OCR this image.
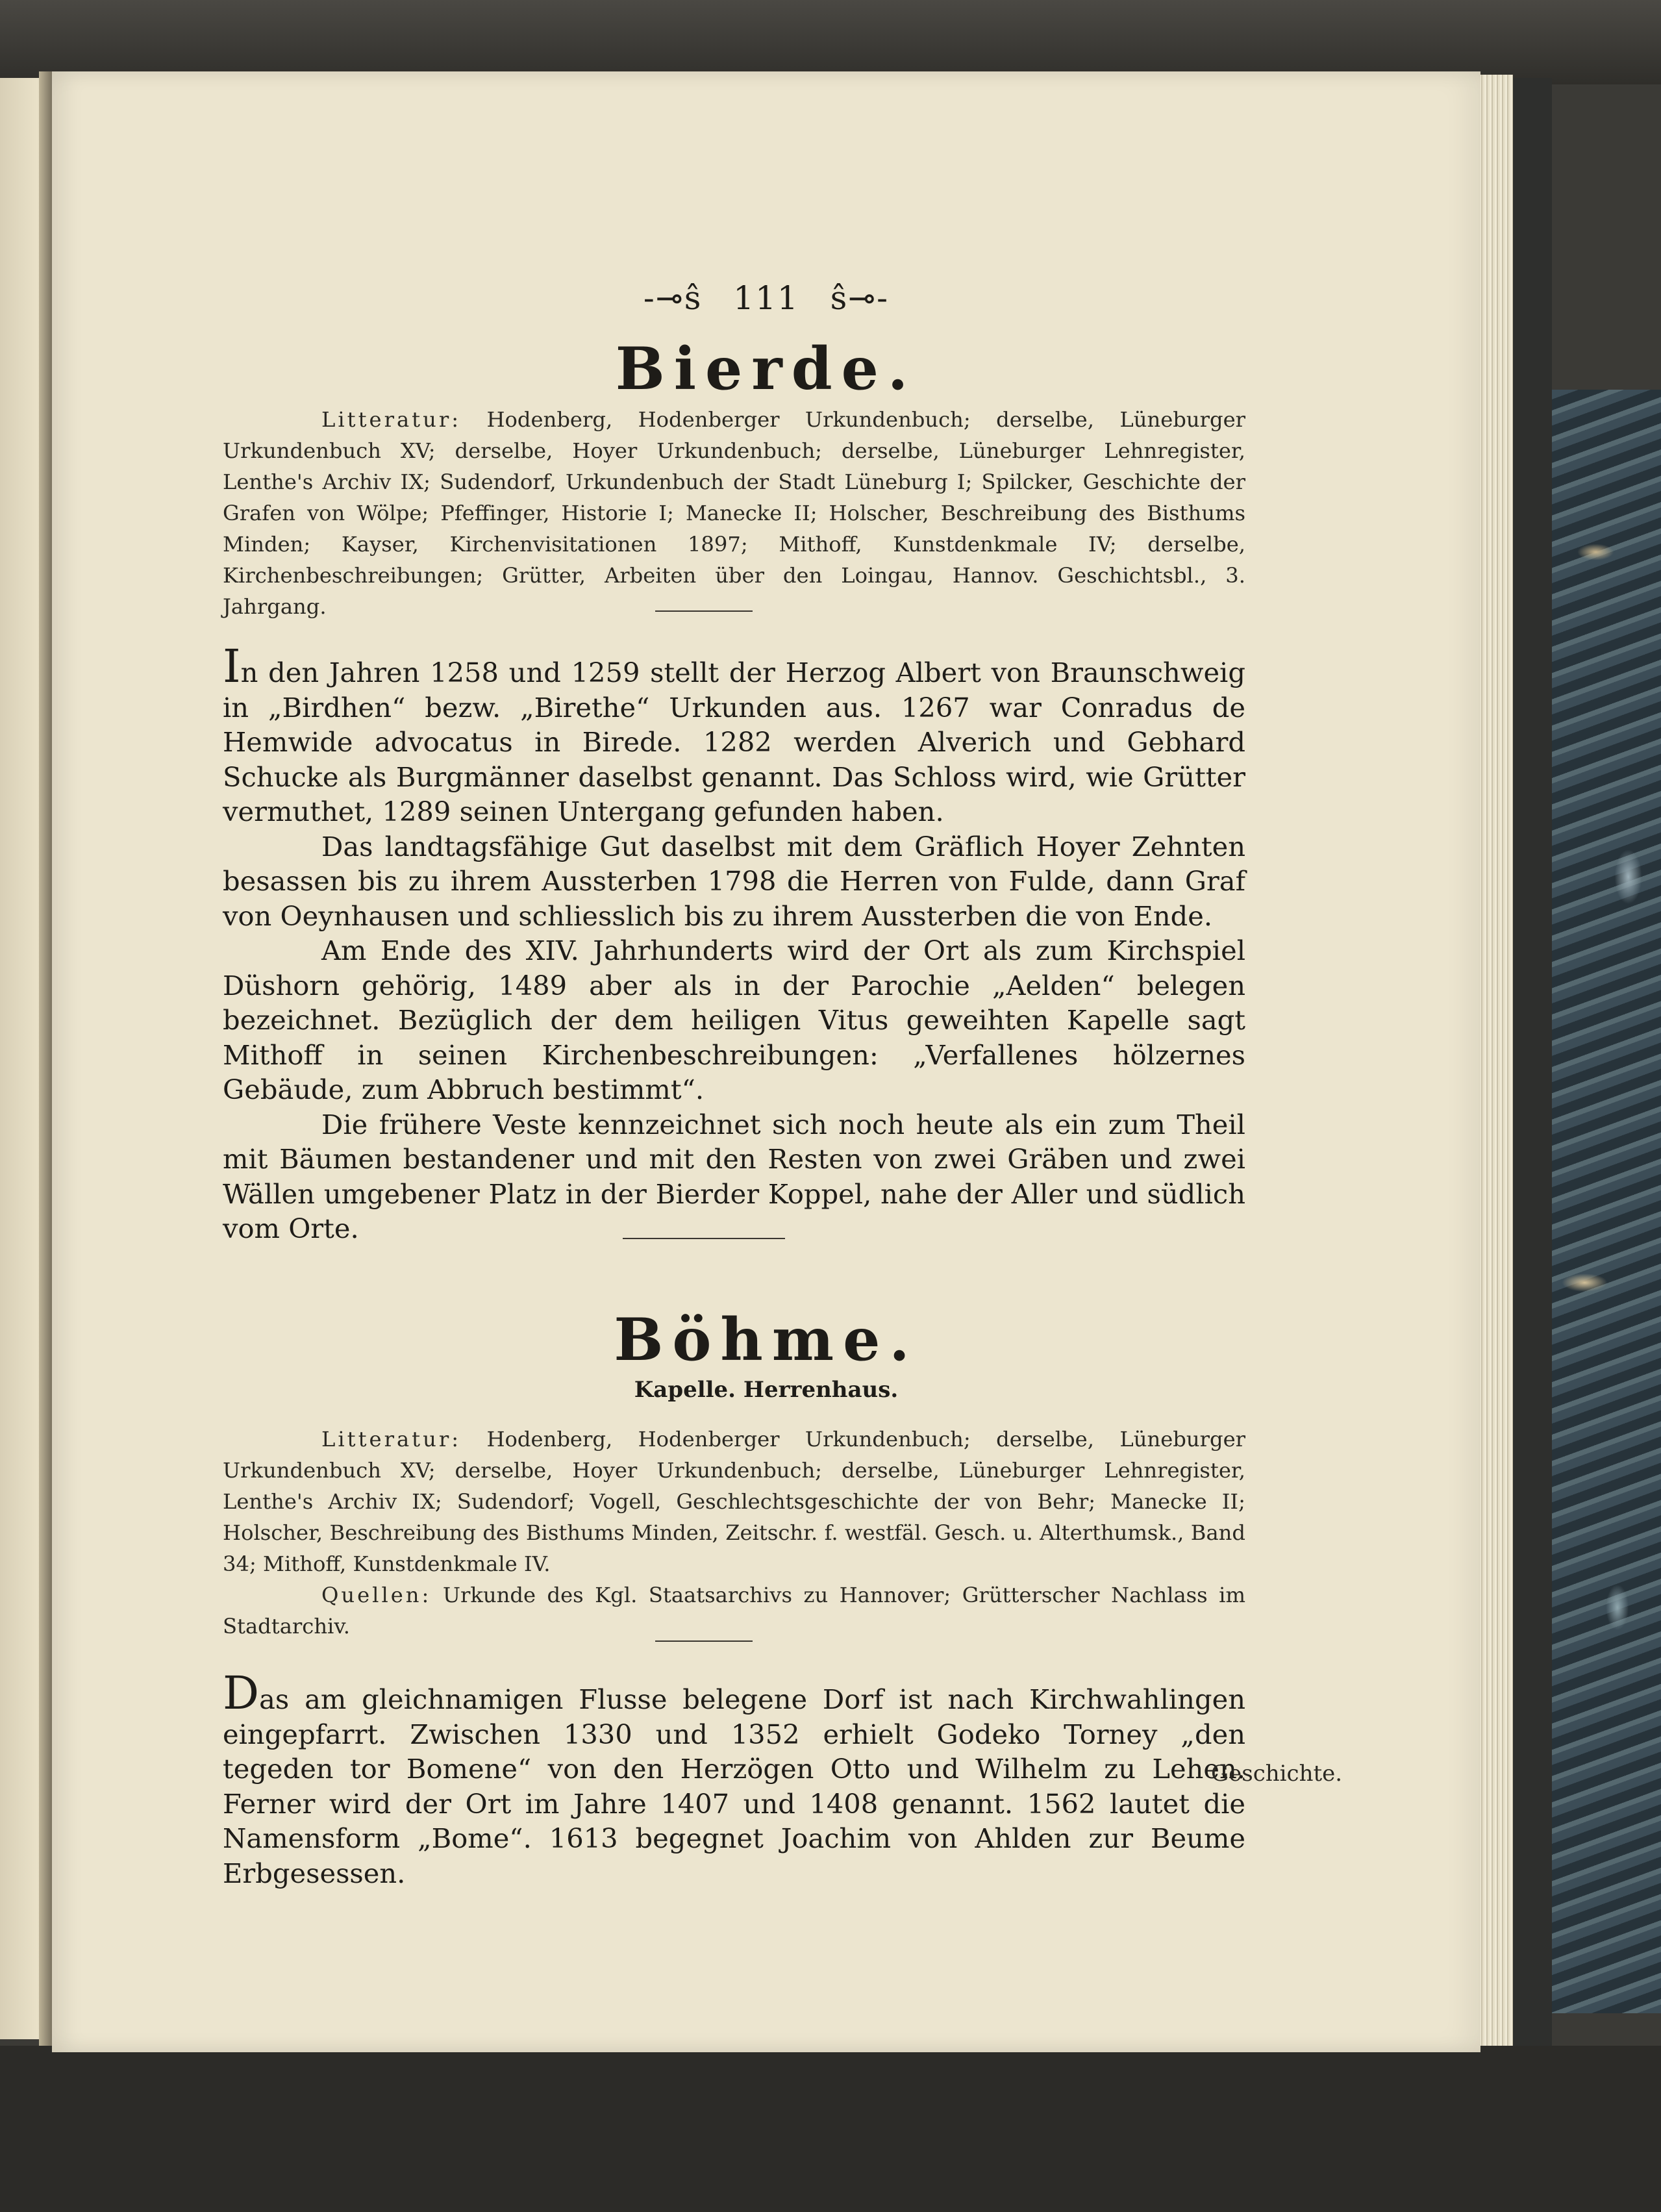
-⊸ŝ 111 ŝ⊸-
Bierde.

Litteratur: Hodenberg, Hodenberger Urkundenbuch; derselbe, Lüneburger Urkundenbuch XV; derselbe, Hoyer Urkundenbuch; derselbe, Lüneburger Lehnregister, Lenthe's Archiv IX; Sudendorf, Urkundenbuch der Stadt Lüneburg I; Spilcker, Geschichte der Grafen von Wölpe; Pfeffinger, Historie I; Manecke II; Holscher, Beschreibung des Bisthums Minden; Kayser, Kirchenvisitationen 1897; Mithoff, Kunstdenkmale IV; derselbe, Kirchenbeschreibungen; Grütter, Arbeiten über den Loingau, Hannov. Geschichtsbl., 3. Jahrgang.

In den Jahren 1258 und 1259 stellt der Herzog Albert von Braunschweig in „Birdhen“ bezw. „Birethe“ Urkunden aus. 1267 war Conradus de Hemwide advocatus in Birede. 1282 werden Alverich und Gebhard Schucke als Burgmänner daselbst genannt. Das Schloss wird, wie Grütter vermuthet, 1289 seinen Untergang gefunden haben.

Das landtagsfähige Gut daselbst mit dem Gräflich Hoyer Zehnten besassen bis zu ihrem Aussterben 1798 die Herren von Fulde, dann Graf von Oeynhausen und schliesslich bis zu ihrem Aussterben die von Ende.

Am Ende des XIV. Jahrhunderts wird der Ort als zum Kirchspiel Düshorn gehörig, 1489 aber als in der Parochie „Aelden“ belegen bezeichnet. Bezüglich der dem heiligen Vitus geweihten Kapelle sagt Mithoff in seinen Kirchenbeschreibungen: „Verfallenes hölzernes Gebäude, zum Abbruch bestimmt“.

Die frühere Veste kennzeichnet sich noch heute als ein zum Theil mit Bäumen bestandener und mit den Resten von zwei Gräben und zwei Wällen umgebener Platz in der Bierder Koppel, nahe der Aller und südlich vom Orte.

Böhme.
Kapelle. Herrenhaus.

Litteratur: Hodenberg, Hodenberger Urkundenbuch; derselbe, Lüneburger Urkundenbuch XV; derselbe, Hoyer Urkundenbuch; derselbe, Lüneburger Lehnregister, Lenthe's Archiv IX; Sudendorf; Vogell, Geschlechtsgeschichte der von Behr; Manecke II; Holscher, Beschreibung des Bisthums Minden, Zeitschr. f. westfäl. Gesch. u. Alterthumsk., Band 34; Mithoff, Kunstdenkmale IV.

Quellen: Urkunde des Kgl. Staatsarchivs zu Hannover; Grütterscher Nachlass im Stadtarchiv.

Das am gleichnamigen Flusse belegene Dorf ist nach Kirchwahlingen eingepfarrt. Zwischen 1330 und 1352 erhielt Godeko Torney „den tegeden tor Bomene“ von den Herzögen Otto und Wilhelm zu Lehen. Ferner wird der Ort im Jahre 1407 und 1408 genannt. 1562 lautet die Namensform „Bome“. 1613 begegnet Joachim von Ahlden zur Beume Erbgesessen.

Geschichte.
